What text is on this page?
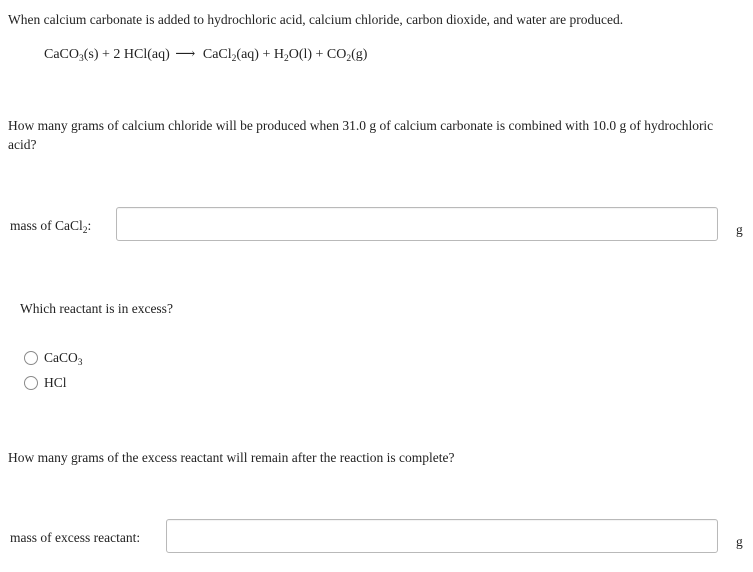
When calcium carbonate is added to hydrochloric acid, calcium chloride, carbon dioxide, and water are produced.
CaCO$_3$(s) + 2 HCl(aq) ⟶ CaCl$_2$(aq) + $H_2O(l) + CO_2(g)$
How many grams of calcium chloride will be produced when 31.0 g of calcium carbonate is combined with 10.0 g of hydrochloric acid?
mass of CaCl$_2$:	g
Which reactant is in excess?
CaCO$_3$
HCl
How many grams of the excess reactant will remain after the reaction is complete?
mass of excess reactant:	g
